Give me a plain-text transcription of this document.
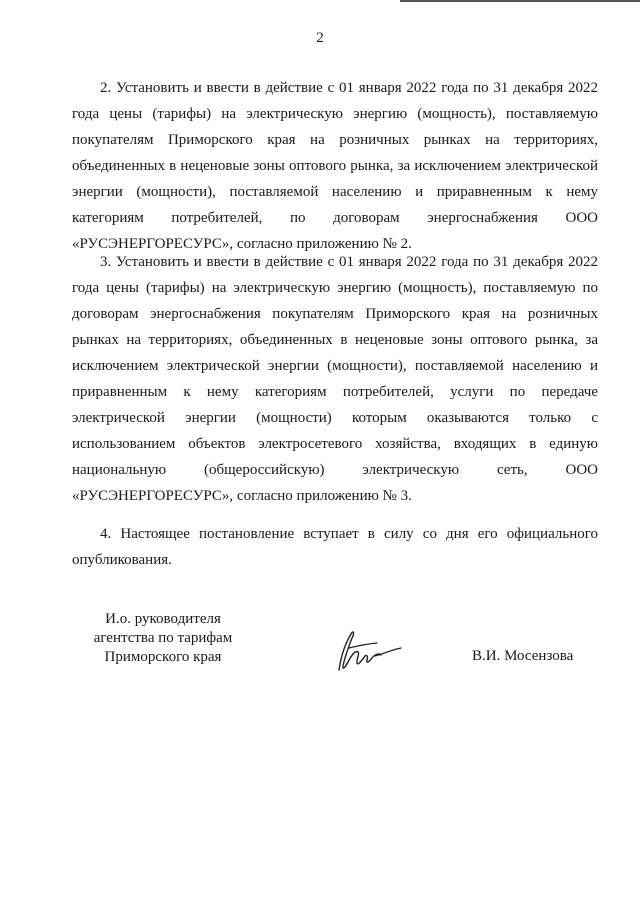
2

2. Установить и ввести в действие с 01 января 2022 года по 31 декабря 2022 года цены (тарифы) на электрическую энергию (мощность), поставляемую покупателям Приморского края на розничных рынках на территориях, объединенных в неценовые зоны оптового рынка, за исключением электрической энергии (мощности), поставляемой населению и приравненным к нему категориям потребителей, по договорам энергоснабжения ООО «РУСЭНЕРГОРЕСУРС», согласно приложению № 2.

3. Установить и ввести в действие с 01 января 2022 года по 31 декабря 2022 года цены (тарифы) на электрическую энергию (мощность), поставляемую по договорам энергоснабжения покупателям Приморского края на розничных рынках на территориях, объединенных в неценовые зоны оптового рынка, за исключением электрической энергии (мощности), поставляемой населению и приравненным к нему категориям потребителей, услуги по передаче электрической энергии (мощности) которым оказываются только с использованием объектов электросетевого хозяйства, входящих в единую национальную (общероссийскую) электрическую сеть, ООО «РУСЭНЕРГОРЕСУРС», согласно приложению № 3.

4. Настоящее постановление вступает в силу со дня его официального опубликования.

И.о. руководителя
агентства по тарифам
Приморского края	В.И. Мосензова
